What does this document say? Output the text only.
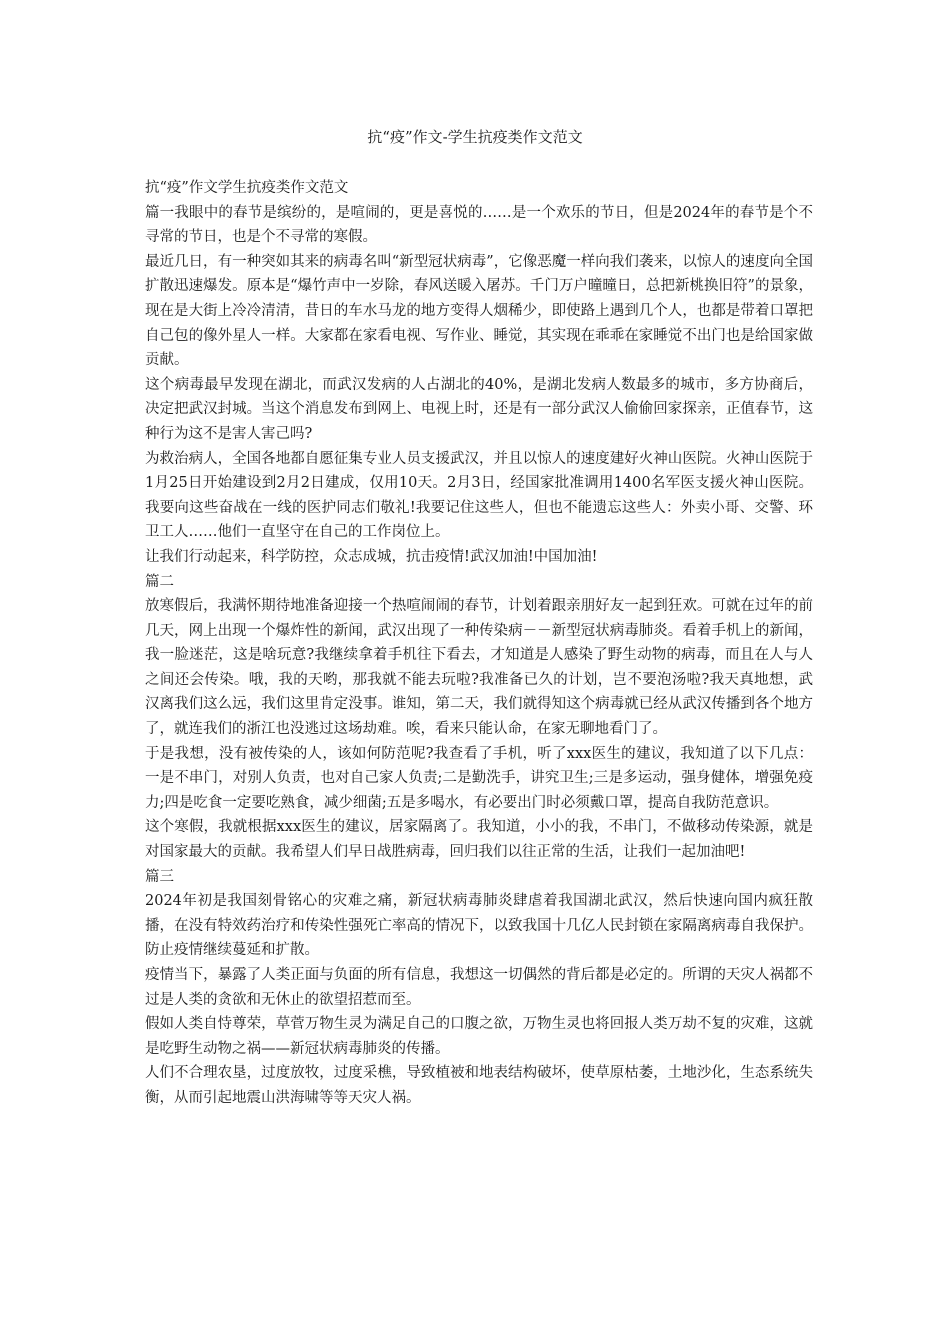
抗“疫”作文-学生抗疫类作文范文

抗“疫”作文学生抗疫类作文范文

篇一我眼中的春节是缤纷的，是喧闹的，更是喜悦的……是一个欢乐的节日，但是2024年的春节是个不寻常的节日，也是个不寻常的寒假。

最近几日，有一种突如其来的病毒名叫“新型冠状病毒”，它像恶魔一样向我们袭来，以惊人的速度向全国扩散迅速爆发。原本是“爆竹声中一岁除，春风送暖入屠苏。千门万户曈曈日，总把新桃换旧符”的景象，现在是大街上冷冷清清，昔日的车水马龙的地方变得人烟稀少，即使路上遇到几个人，也都是带着口罩把自己包的像外星人一样。大家都在家看电视、写作业、睡觉，其实现在乖乖在家睡觉不出门也是给国家做贡献。

这个病毒最早发现在湖北，而武汉发病的人占湖北的40%，是湖北发病人数最多的城市，多方协商后，决定把武汉封城。当这个消息发布到网上、电视上时，还是有一部分武汉人偷偷回家探亲，正值春节，这种行为这不是害人害己吗?

为救治病人，全国各地都自愿征集专业人员支援武汉，并且以惊人的速度建好火神山医院。火神山医院于1月25日开始建设到2月2日建成，仅用10天。2月3日，经国家批准调用1400名军医支援火神山医院。我要向这些奋战在一线的医护同志们敬礼!我要记住这些人，但也不能遗忘这些人：外卖小哥、交警、环卫工人……他们一直坚守在自己的工作岗位上。

让我们行动起来，科学防控，众志成城，抗击疫情!武汉加油!中国加油!

篇二

放寒假后，我满怀期待地准备迎接一个热喧闹闹的春节，计划着跟亲朋好友一起到狂欢。可就在过年的前几天，网上出现一个爆炸性的新闻，武汉出现了一种传染病－－新型冠状病毒肺炎。看着手机上的新闻，我一脸迷茫，这是啥玩意?我继续拿着手机往下看去，才知道是人感染了野生动物的病毒，而且在人与人之间还会传染。哦，我的天哟，那我就不能去玩啦?我准备已久的计划，岂不要泡汤啦?我天真地想，武汉离我们这么远，我们这里肯定没事。谁知，第二天，我们就得知这个病毒就已经从武汉传播到各个地方了，就连我们的浙江也没逃过这场劫难。唉，看来只能认命，在家无聊地看门了。

于是我想，没有被传染的人，该如何防范呢?我查看了手机，听了xxx医生的建议，我知道了以下几点：一是不串门，对别人负责，也对自己家人负责;二是勤洗手，讲究卫生;三是多运动，强身健体，增强免疫力;四是吃食一定要吃熟食，减少细菌;五是多喝水，有必要出门时必须戴口罩，提高自我防范意识。

这个寒假，我就根据xxx医生的建议，居家隔离了。我知道，小小的我，不串门，不做移动传染源，就是对国家最大的贡献。我希望人们早日战胜病毒，回归我们以往正常的生活，让我们一起加油吧!

篇三

2024年初是我国刻骨铭心的灾难之痛，新冠状病毒肺炎肆虐着我国湖北武汉，然后快速向国内疯狂散播，在没有特效药治疗和传染性强死亡率高的情况下，以致我国十几亿人民封锁在家隔离病毒自我保护。防止疫情继续蔓延和扩散。

疫情当下，暴露了人类正面与负面的所有信息，我想这一切偶然的背后都是必定的。所谓的天灾人祸都不过是人类的贪欲和无休止的欲望招惹而至。

假如人类自恃尊荣，草菅万物生灵为满足自己的口腹之欲，万物生灵也将回报人类万劫不复的灾难，这就是吃野生动物之祸——新冠状病毒肺炎的传播。

人们不合理农垦，过度放牧，过度采樵，导致植被和地表结构破坏，使草原枯萎，土地沙化，生态系统失衡，从而引起地震山洪海啸等等天灾人祸。
